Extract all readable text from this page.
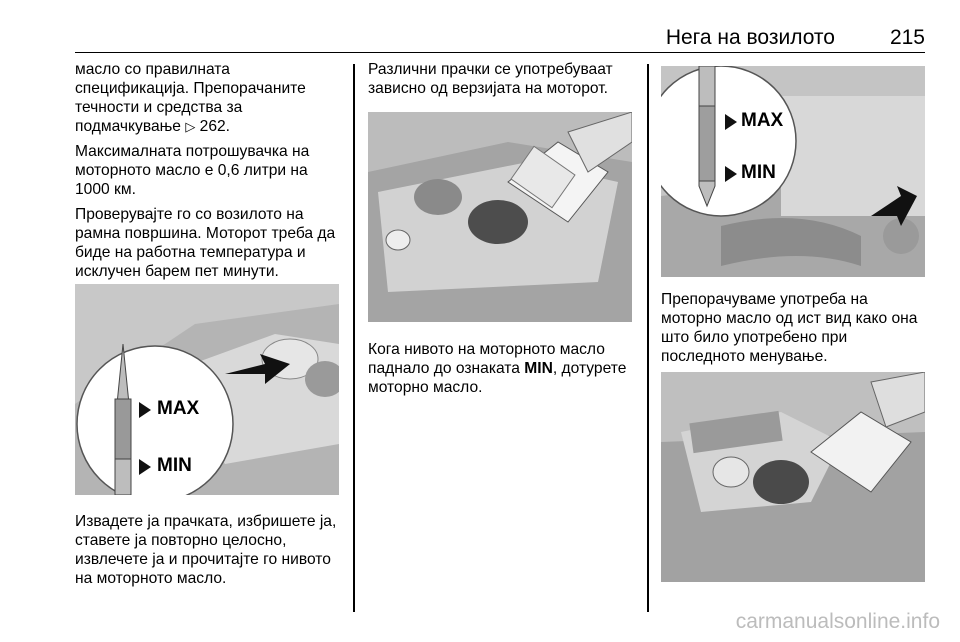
Нега на возилото	215

масло со правилната спецификација. Препорачаните течности и средства за подмачкување ▷ 262.

Максималната потрошувачка на моторното масло е 0,6 литри на 1000 км.

Проверувајте го со возилото на рамна површина. Моторот треба да биде на работна температура и исклучен барем пет минути.

MAX
MIN

Извадете ја прачката, избришете ја, ставете ја повторно целосно, извлечете ја и прочитајте го нивото на моторното масло.

Различни прачки се употребуваат зависно од верзијата на моторот.

Кога нивото на моторното масло паднало до ознаката MIN, дотурете моторно масло.

MAX
MIN

Препорачуваме употреба на моторно масло од ист вид како она што било употребено при последното менување.

carmanualsonline.info
